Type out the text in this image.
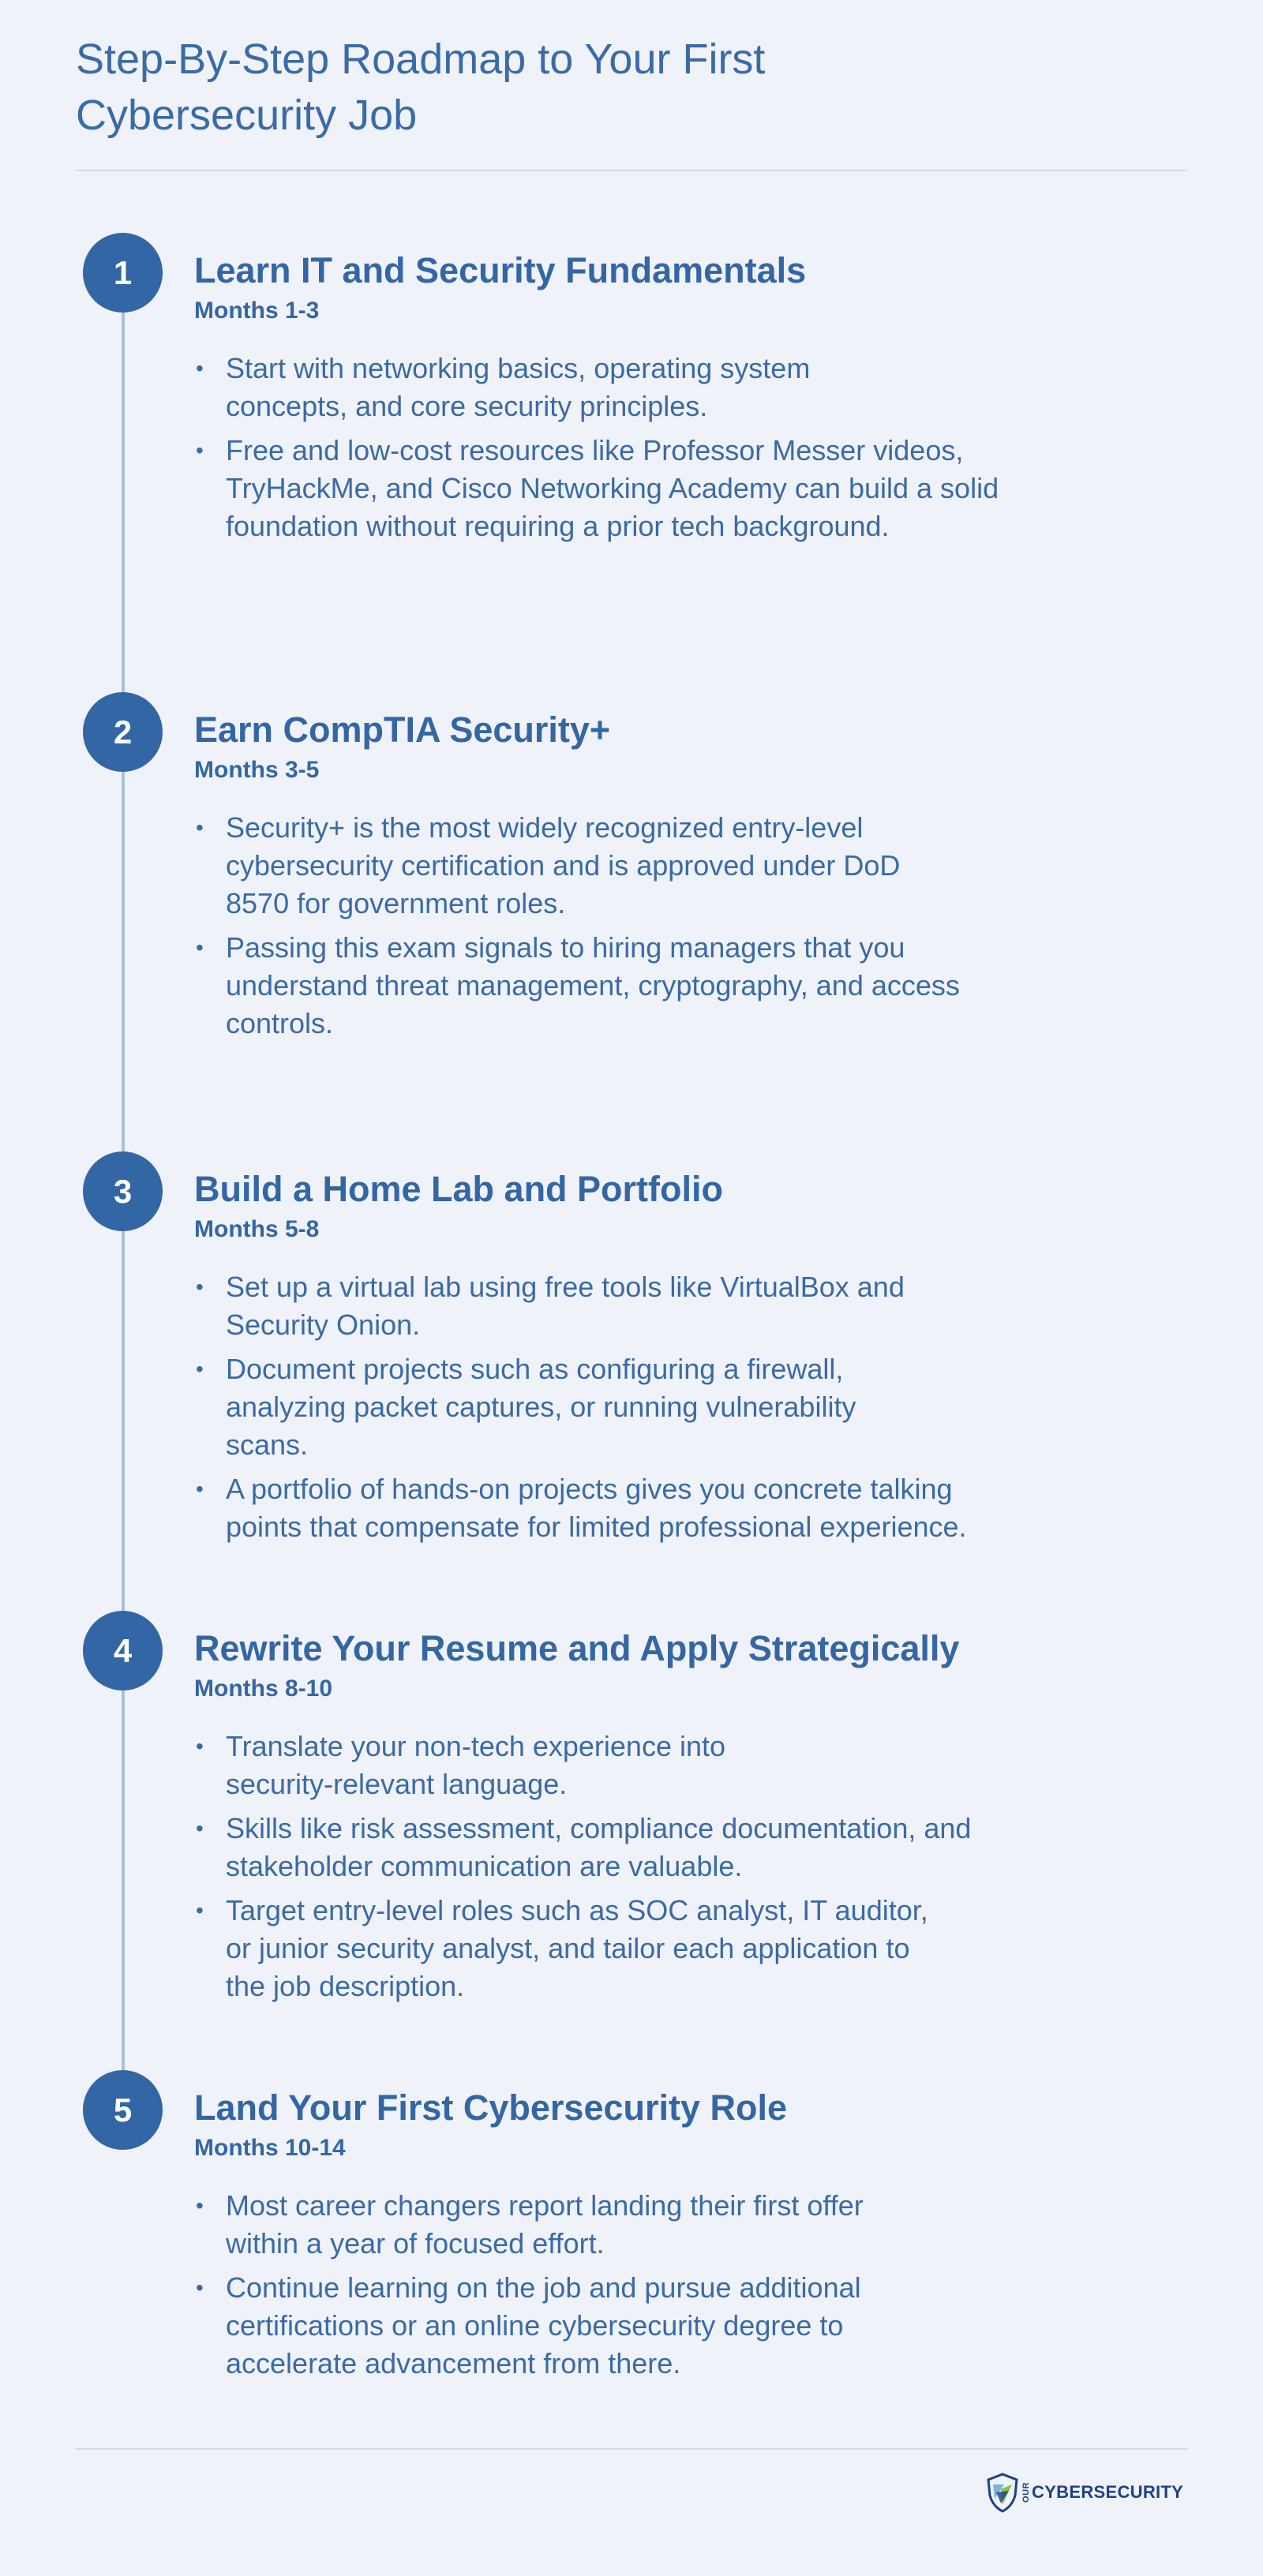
Step-By-Step Roadmap to Your First Cybersecurity Job
1	Learn IT and Security Fundamentals

Months 1-3

• Start with networking basics, operating system concepts, and core security principles.
• Free and low-cost resources like Professor Messer videos, TryHackMe, and Cisco Networking Academy can build a solid foundation without requiring a prior tech background.
2	Earn CompTIA Security+

Months 3-5

• Security+ is the most widely recognized entry-level cybersecurity certification and is approved under DoD 8570 for government roles.
• Passing this exam signals to hiring managers that you understand threat management, cryptography, and access controls.
3	Build a Home Lab and Portfolio

Months 5-8

• Set up a virtual lab using free tools like VirtualBox and Security Onion.
• Document projects such as configuring a firewall, analyzing packet captures, or running vulnerability scans.
• A portfolio of hands-on projects gives you concrete talking points that compensate for limited professional experience.
4	Rewrite Your Resume and Apply Strategically

Months 8-10

• Translate your non-tech experience into security-relevant language.
• Skills like risk assessment, compliance documentation, and stakeholder communication are valuable.
• Target entry-level roles such as SOC analyst, IT auditor, or junior security analyst, and tailor each application to the job description.
5	Land Your First Cybersecurity Role

Months 10-14

• Most career changers report landing their first offer within a year of focused effort.
• Continue learning on the job and pursue additional certifications or an online cybersecurity degree to accelerate advancement from there.
OUR CYBERSECURITY
